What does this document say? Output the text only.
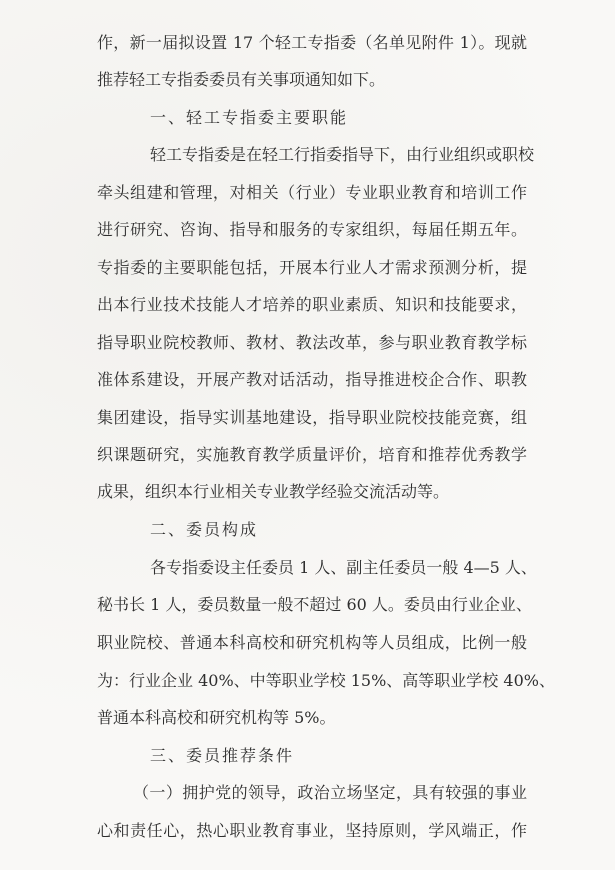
作，新一届拟设置 17 个轻工专指委（名单见附件 1）。现就
推荐轻工专指委委员有关事项通知如下。
一、轻工专指委主要职能
轻工专指委是在轻工行指委指导下，由行业组织或职校
牵头组建和管理，对相关（行业）专业职业教育和培训工作
进行研究、咨询、指导和服务的专家组织，每届任期五年。
专指委的主要职能包括，开展本行业人才需求预测分析，提
出本行业技术技能人才培养的职业素质、知识和技能要求，
指导职业院校教师、教材、教法改革，参与职业教育教学标
准体系建设，开展产教对话活动，指导推进校企合作、职教
集团建设，指导实训基地建设，指导职业院校技能竞赛，组
织课题研究，实施教育教学质量评价，培育和推荐优秀教学
成果，组织本行业相关专业教学经验交流活动等。
二、委员构成
各专指委设主任委员 1 人、副主任委员一般 4—5 人、
秘书长 1 人，委员数量一般不超过 60 人。委员由行业企业、
职业院校、普通本科高校和研究机构等人员组成，比例一般
为：行业企业 40%、中等职业学校 15%、高等职业学校 40%、
普通本科高校和研究机构等 5%。
三、委员推荐条件
（一）拥护党的领导，政治立场坚定，具有较强的事业
心和责任心，热心职业教育事业，坚持原则，学风端正，作
